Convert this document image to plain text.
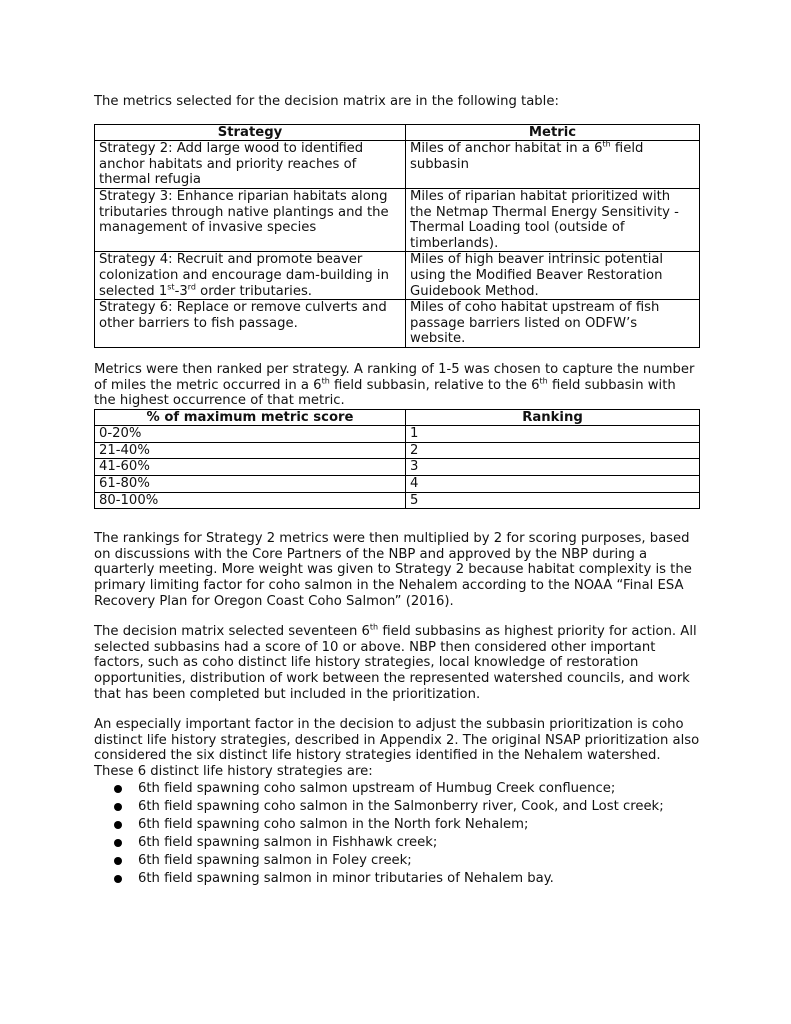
The metrics selected for the decision matrix are in the following table:

Strategy	Metric
Strategy 2: Add large wood to identified anchor habitats and priority reaches of thermal refugia	Miles of anchor habitat in a 6th field subbasin
Strategy 3: Enhance riparian habitats along tributaries through native plantings and the management of invasive species	Miles of riparian habitat prioritized with the Netmap Thermal Energy Sensitivity - Thermal Loading tool (outside of timberlands).
Strategy 4: Recruit and promote beaver colonization and encourage dam-building in selected 1st-3rd order tributaries.	Miles of high beaver intrinsic potential using the Modified Beaver Restoration Guidebook Method.
Strategy 6: Replace or remove culverts and other barriers to fish passage.	Miles of coho habitat upstream of fish passage barriers listed on ODFW’s website.

Metrics were then ranked per strategy. A ranking of 1-5 was chosen to capture the number of miles the metric occurred in a 6th field subbasin, relative to the 6th field subbasin with the highest occurrence of that metric.

% of maximum metric score	Ranking
0-20%	1
21-40%	2
41-60%	3
61-80%	4
80-100%	5

The rankings for Strategy 2 metrics were then multiplied by 2 for scoring purposes, based on discussions with the Core Partners of the NBP and approved by the NBP during a quarterly meeting. More weight was given to Strategy 2 because habitat complexity is the primary limiting factor for coho salmon in the Nehalem according to the NOAA “Final ESA Recovery Plan for Oregon Coast Coho Salmon” (2016).

The decision matrix selected seventeen 6th field subbasins as highest priority for action. All selected subbasins had a score of 10 or above. NBP then considered other important factors, such as coho distinct life history strategies, local knowledge of restoration opportunities, distribution of work between the represented watershed councils, and work that has been completed but included in the prioritization.

An especially important factor in the decision to adjust the subbasin prioritization is coho distinct life history strategies, described in Appendix 2. The original NSAP prioritization also considered the six distinct life history strategies identified in the Nehalem watershed. These 6 distinct life history strategies are:

6th field spawning coho salmon upstream of Humbug Creek confluence;
6th field spawning coho salmon in the Salmonberry river, Cook, and Lost creek;
6th field spawning coho salmon in the North fork Nehalem;
6th field spawning salmon in Fishhawk creek;
6th field spawning salmon in Foley creek;
6th field spawning salmon in minor tributaries of Nehalem bay.
